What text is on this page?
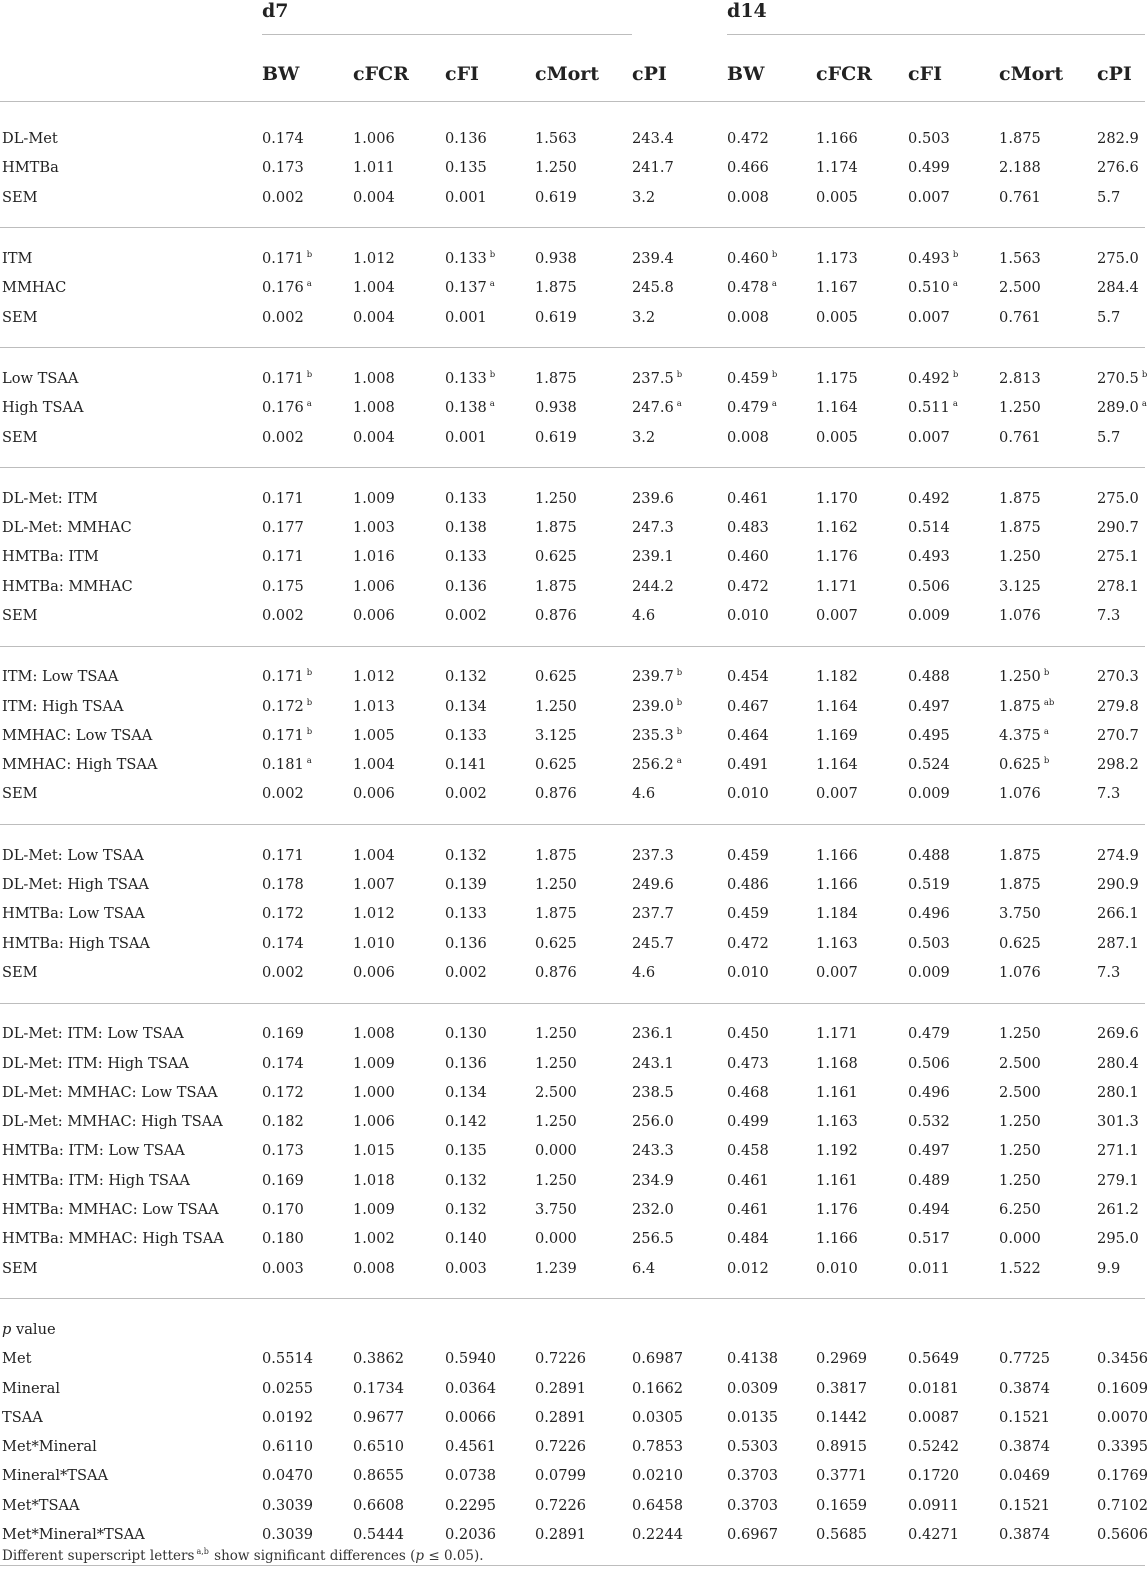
	d7					d14					

	BW	cFCR	cFI	cMort	cPI	BW	cFCR	cFI	cMort	cPI	

DL-Met	0.174	1.006	0.136	1.563	243.4	0.472	1.166	0.503	1.875	282.9	
HMTBa	0.173	1.011	0.135	1.250	241.7	0.466	1.174	0.499	2.188	276.6	
SEM	0.002	0.004	0.001	0.619	3.2	0.008	0.005	0.007	0.761	5.7	

ITM	0.171 $^b$	1.012	0.133 $^b$	0.938	239.4	0.460 $^b$	1.173	0.493 $^b$	1.563	275.0	
MMHAC	0.176 $^a$	1.004	0.137 $^a$	1.875	245.8	0.478 $^a$	1.167	0.510 $^a$	2.500	284.4	
SEM	0.002	0.004	0.001	0.619	3.2	0.008	0.005	0.007	0.761	5.7	

Low TSAA	0.171 $^b$	1.008	0.133 $^b$	1.875	237.5 $^b$	0.459 $^b$	1.175	0.492 $^b$	2.813	270.5 $^b$	
High TSAA	0.176 $^a$	1.008	0.138 $^a$	0.938	247.6 $^a$	0.479 $^a$	1.164	0.511 $^a$	1.250	289.0 $^a$	
SEM	0.002	0.004	0.001	0.619	3.2	0.008	0.005	0.007	0.761	5.7	

DL-Met: ITM	0.171	1.009	0.133	1.250	239.6	0.461	1.170	0.492	1.875	275.0	
DL-Met: MMHAC	0.177	1.003	0.138	1.875	247.3	0.483	1.162	0.514	1.875	290.7	
HMTBa: ITM	0.171	1.016	0.133	0.625	239.1	0.460	1.176	0.493	1.250	275.1	
HMTBa: MMHAC	0.175	1.006	0.136	1.875	244.2	0.472	1.171	0.506	3.125	278.1	
SEM	0.002	0.006	0.002	0.876	4.6	0.010	0.007	0.009	1.076	7.3	

ITM: Low TSAA	0.171 $^b$	1.012	0.132	0.625	239.7 $^b$	0.454	1.182	0.488	1.250 $^b$	270.3	
ITM: High TSAA	0.172 $^b$	1.013	0.134	1.250	239.0 $^b$	0.467	1.164	0.497	1.875 $^{ab}$	279.8	
MMHAC: Low TSAA	0.171 $^b$	1.005	0.133	3.125	235.3 $^b$	0.464	1.169	0.495	4.375 $^a$	270.7	
MMHAC: High TSAA	0.181 $^a$	1.004	0.141	0.625	256.2 $^a$	0.491	1.164	0.524	0.625 $^b$	298.2	
SEM	0.002	0.006	0.002	0.876	4.6	0.010	0.007	0.009	1.076	7.3	

DL-Met: Low TSAA	0.171	1.004	0.132	1.875	237.3	0.459	1.166	0.488	1.875	274.9	
DL-Met: High TSAA	0.178	1.007	0.139	1.250	249.6	0.486	1.166	0.519	1.875	290.9	
HMTBa: Low TSAA	0.172	1.012	0.133	1.875	237.7	0.459	1.184	0.496	3.750	266.1	
HMTBa: High TSAA	0.174	1.010	0.136	0.625	245.7	0.472	1.163	0.503	0.625	287.1	
SEM	0.002	0.006	0.002	0.876	4.6	0.010	0.007	0.009	1.076	7.3	

DL-Met: ITM: Low TSAA	0.169	1.008	0.130	1.250	236.1	0.450	1.171	0.479	1.250	269.6	
DL-Met: ITM: High TSAA	0.174	1.009	0.136	1.250	243.1	0.473	1.168	0.506	2.500	280.4	
DL-Met: MMHAC: Low TSAA	0.172	1.000	0.134	2.500	238.5	0.468	1.161	0.496	2.500	280.1	
DL-Met: MMHAC: High TSAA	0.182	1.006	0.142	1.250	256.0	0.499	1.163	0.532	1.250	301.3	
HMTBa: ITM: Low TSAA	0.173	1.015	0.135	0.000	243.3	0.458	1.192	0.497	1.250	271.1	
HMTBa: ITM: High TSAA	0.169	1.018	0.132	1.250	234.9	0.461	1.161	0.489	1.250	279.1	
HMTBa: MMHAC: Low TSAA	0.170	1.009	0.132	3.750	232.0	0.461	1.176	0.494	6.250	261.2	
HMTBa: MMHAC: High TSAA	0.180	1.002	0.140	0.000	256.5	0.484	1.166	0.517	0.000	295.0	
SEM	0.003	0.008	0.003	1.239	6.4	0.012	0.010	0.011	1.522	9.9	

p value											
Met	0.5514	0.3862	0.5940	0.7226	0.6987	0.4138	0.2969	0.5649	0.7725	0.3456	
Mineral	0.0255	0.1734	0.0364	0.2891	0.1662	0.0309	0.3817	0.0181	0.3874	0.1609	
TSAA	0.0192	0.9677	0.0066	0.2891	0.0305	0.0135	0.1442	0.0087	0.1521	0.0070	
Met*Mineral	0.6110	0.6510	0.4561	0.7226	0.7853	0.5303	0.8915	0.5242	0.3874	0.3395	
Mineral*TSAA	0.0470	0.8655	0.0738	0.0799	0.0210	0.3703	0.3771	0.1720	0.0469	0.1769	
Met*TSAA	0.3039	0.6608	0.2295	0.7226	0.6458	0.3703	0.1659	0.0911	0.1521	0.7102	
Met*Mineral*TSAA	0.3039	0.5444	0.2036	0.2891	0.2244	0.6967	0.5685	0.4271	0.3874	0.5606	

Different superscript letters $^{a,b}$ show significant differences (p ≤ 0.05).
